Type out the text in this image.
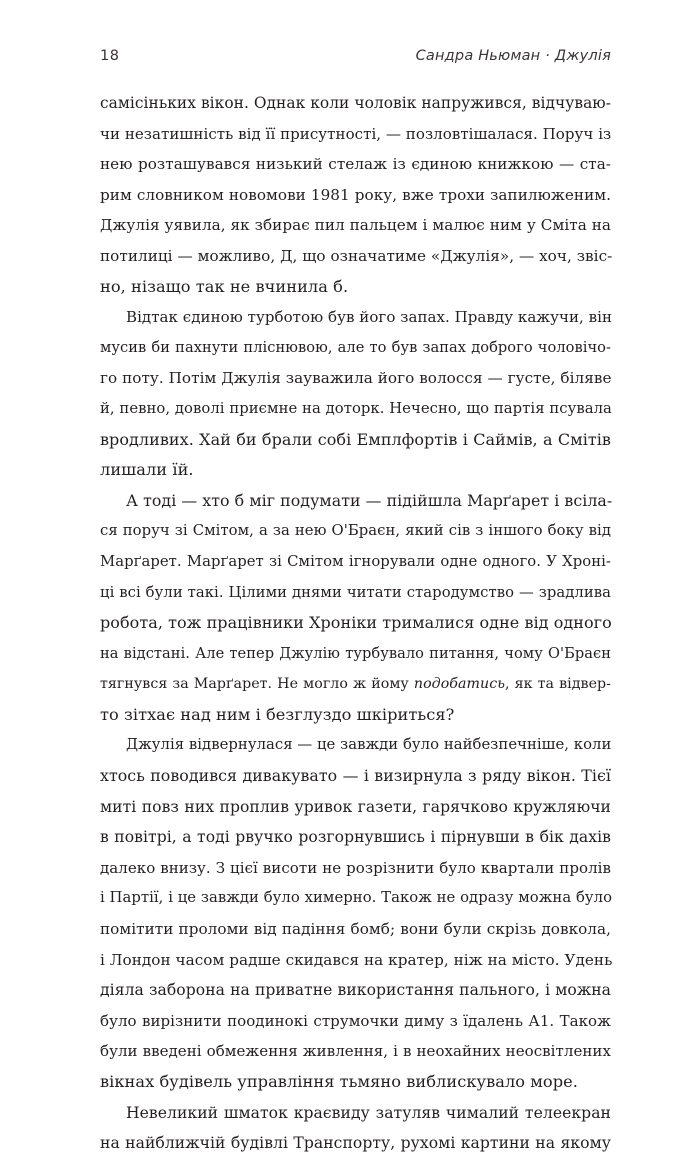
18	Сандра Ньюман · Джулія
самісінькиx вікон. Однак коли чоловік напружився, відчуваю-
чи незатишність від її присутності, — позловтішалася. Поруч із
нею розташувався низький стелаж із єдиною книжкою — ста-
рим словником новомови 1981 року, вже трохи запилюженим.
Джулія уявила, як збирає пил пальцем і малює ним у Сміта на
потилиці — можливо, Д, що означатиме «Джулія», — хоч, звіс-
но, нізащо так не вчинила б.
Відтак єдиною турботою був його запах. Правду кажучи, він
мусив би пахнути пліснювою, але то був запах доброго чоловічо-
го поту. Потім Джулія зауважила його волосся — густе, біляве
й, певно, доволі приємне на доторк. Нечесно, що партія псувала
вродливих. Хай би брали собі Емплфортів і Саймів, а Смітів
лишали їй.
А тоді — хто б міг подумати — підійшла Марґарет і всіла-
ся поруч зі Смітом, а за нею О'Браєн, який сів з іншого боку від
Марґарет. Марґарет зі Смітом ігнорували одне одного. У Хроні-
ці всі були такі. Цілими днями читати стародумство — зрадлива
робота, тож працівники Хроніки трималися одне від одного
на відстані. Але тепер Джулію турбувало питання, чому О'Браєн
тягнувся за Марґарет. Не могло ж йому подобатись, як та відвер-
то зітхає над ним і безглуздо шкіриться?
Джулія відвернулася — це завжди було найбезпечніше, коли
хтось поводився дивакувато — і визирнула з ряду вікон. Тієї
миті повз них проплив уривок газети, гарячково кружляючи
в повітрі, а тоді рвучко розгорнувшись і пірнувши в бік дахів
далеко внизу. З цієї висоти не розрізнити було квартали пролів
і Партії, і це завжди було химерно. Також не одразу можна було
помітити проломи від падіння бомб; вони були скрізь довкола,
і Лондон часом радше скидався на кратер, ніж на місто. Удень
діяла заборона на приватне використання пального, і можна
було вирізнити поодинокі струмочки диму з їдалень А1. Також
були введені обмеження живлення, і в неохайних неосвітлених
вікнах будівель управління тьмяно виблискувало море.
Невеликий шматок краєвиду затуляв чималий телеекран
на найближчій будівлі Транспорту, рухомі картини на якому
